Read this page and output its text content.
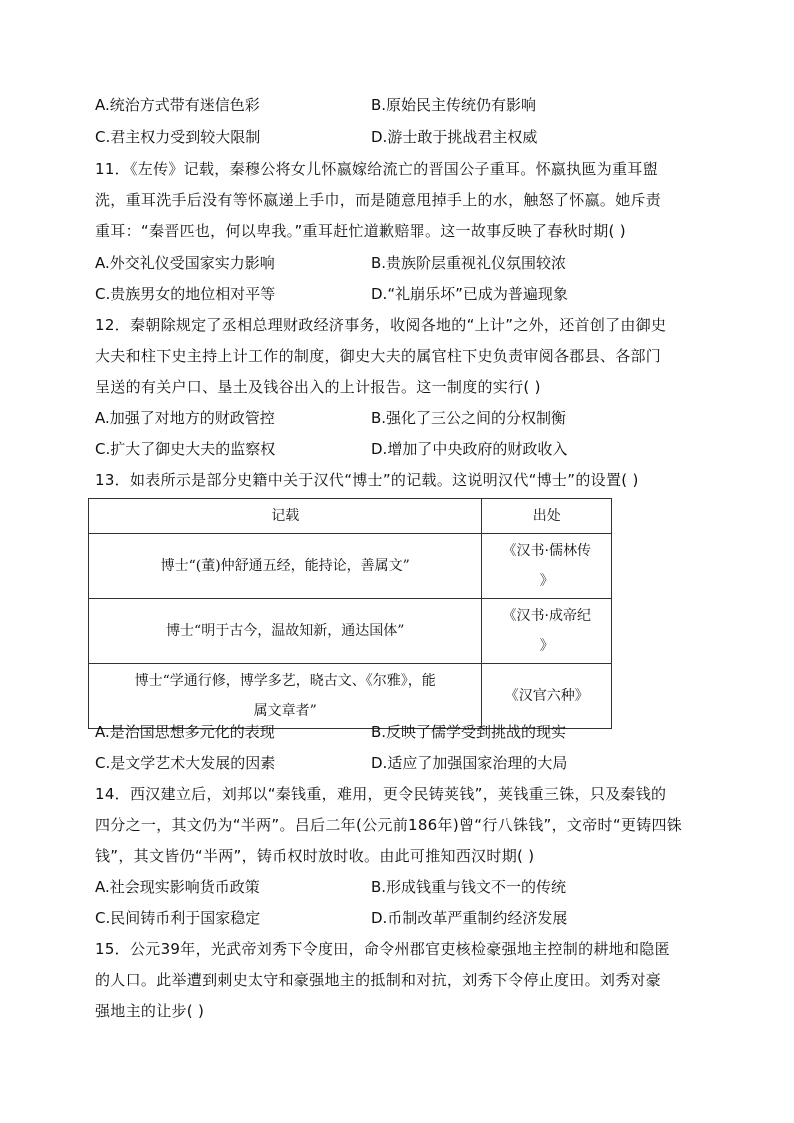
A.统治方式带有迷信色彩	B.原始民主传统仍有影响
C.君主权力受到较大限制	D.游士敢于挑战君主权威
11．《左传》记载，秦穆公将女儿怀嬴嫁给流亡的晋国公子重耳。怀嬴执匜为重耳盥
洗，重耳洗手后没有等怀嬴递上手巾，而是随意甩掉手上的水，触怒了怀嬴。她斥责
重耳：“秦晋匹也，何以卑我。”重耳赶忙道歉赔罪。这一故事反映了春秋时期( )
A.外交礼仪受国家实力影响	B.贵族阶层重视礼仪氛围较浓
C.贵族男女的地位相对平等	D.“礼崩乐坏”已成为普遍现象
12．秦朝除规定了丞相总理财政经济事务，收阅各地的“上计”之外，还首创了由御史
大夫和柱下史主持上计工作的制度，御史大夫的属官柱下史负责审阅各郡县、各部门
呈送的有关户口、垦土及钱谷出入的上计报告。这一制度的实行( )
A.加强了对地方的财政管控	B.强化了三公之间的分权制衡
C.扩大了御史大夫的监察权	D.增加了中央政府的财政收入
13．如表所示是部分史籍中关于汉代“博士”的记载。这说明汉代“博士”的设置( )
记载	出处
博士“(董)仲舒通五经，能持论，善属文”	《汉书·儒林传
》

博士“明于古今，温故知新，通达国体”	《汉书·成帝纪
》

博士“学通行修，博学多艺，晓古文、《尔雅》，能
属文章者”	《汉官六种》
A.是治国思想多元化的表现	B.反映了儒学受到挑战的现实
C.是文学艺术大发展的因素	D.适应了加强国家治理的大局
14．西汉建立后，刘邦以“秦钱重，难用，更令民铸荚钱”，荚钱重三铢，只及秦钱的
四分之一，其文仍为“半两”。吕后二年(公元前186年)曾“行八铢钱”，文帝时“更铸四铢
钱”，其文皆仍“半两”，铸币权时放时收。由此可推知西汉时期( )
A.社会现实影响货币政策	B.形成钱重与钱文不一的传统
C.民间铸币利于国家稳定	D.币制改革严重制约经济发展
15．公元39年，光武帝刘秀下令度田，命令州郡官吏核检豪强地主控制的耕地和隐匿
的人口。此举遭到刺史太守和豪强地主的抵制和对抗，刘秀下令停止度田。刘秀对豪
强地主的让步( )
